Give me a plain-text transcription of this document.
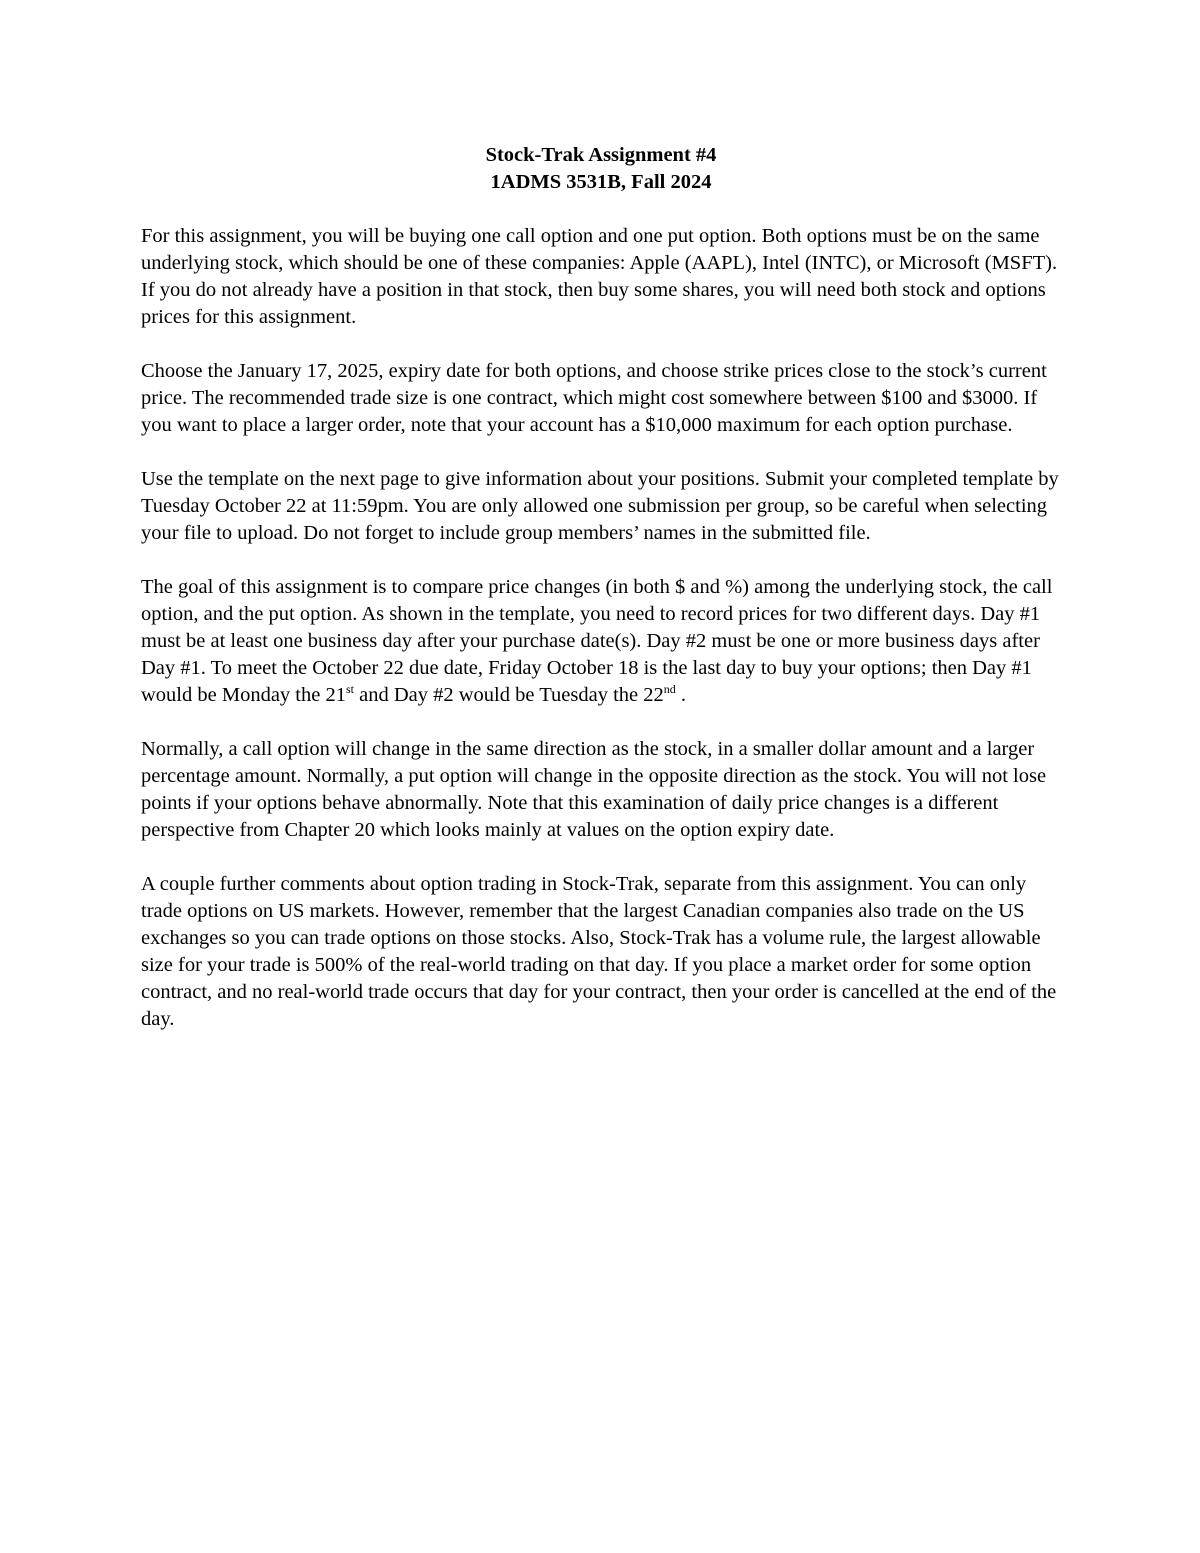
Stock-Trak Assignment #4
1ADMS 3531B, Fall 2024

For this assignment, you will be buying one call option and one put option. Both options must be on the same underlying stock, which should be one of these companies: Apple (AAPL), Intel (INTC), or Microsoft (MSFT). If you do not already have a position in that stock, then buy some shares, you will need both stock and options prices for this assignment.

Choose the January 17, 2025, expiry date for both options, and choose strike prices close to the stock’s current price. The recommended trade size is one contract, which might cost somewhere between $100 and $3000. If you want to place a larger order, note that your account has a $10,000 maximum for each option purchase.

Use the template on the next page to give information about your positions. Submit your completed template by Tuesday October 22 at 11:59pm. You are only allowed one submission per group, so be careful when selecting your file to upload. Do not forget to include group members’ names in the submitted file.

The goal of this assignment is to compare price changes (in both $ and %) among the underlying stock, the call option, and the put option. As shown in the template, you need to record prices for two different days. Day #1 must be at least one business day after your purchase date(s). Day #2 must be one or more business days after Day #1. To meet the October 22 due date, Friday October 18 is the last day to buy your options; then Day #1 would be Monday the 21st and Day #2 would be Tuesday the 22nd .

Normally, a call option will change in the same direction as the stock, in a smaller dollar amount and a larger percentage amount. Normally, a put option will change in the opposite direction as the stock. You will not lose points if your options behave abnormally. Note that this examination of daily price changes is a different perspective from Chapter 20 which looks mainly at values on the option expiry date.

A couple further comments about option trading in Stock-Trak, separate from this assignment. You can only trade options on US markets. However, remember that the largest Canadian companies also trade on the US exchanges so you can trade options on those stocks. Also, Stock-Trak has a volume rule, the largest allowable size for your trade is 500% of the real-world trading on that day. If you place a market order for some option contract, and no real-world trade occurs that day for your contract, then your order is cancelled at the end of the day.
